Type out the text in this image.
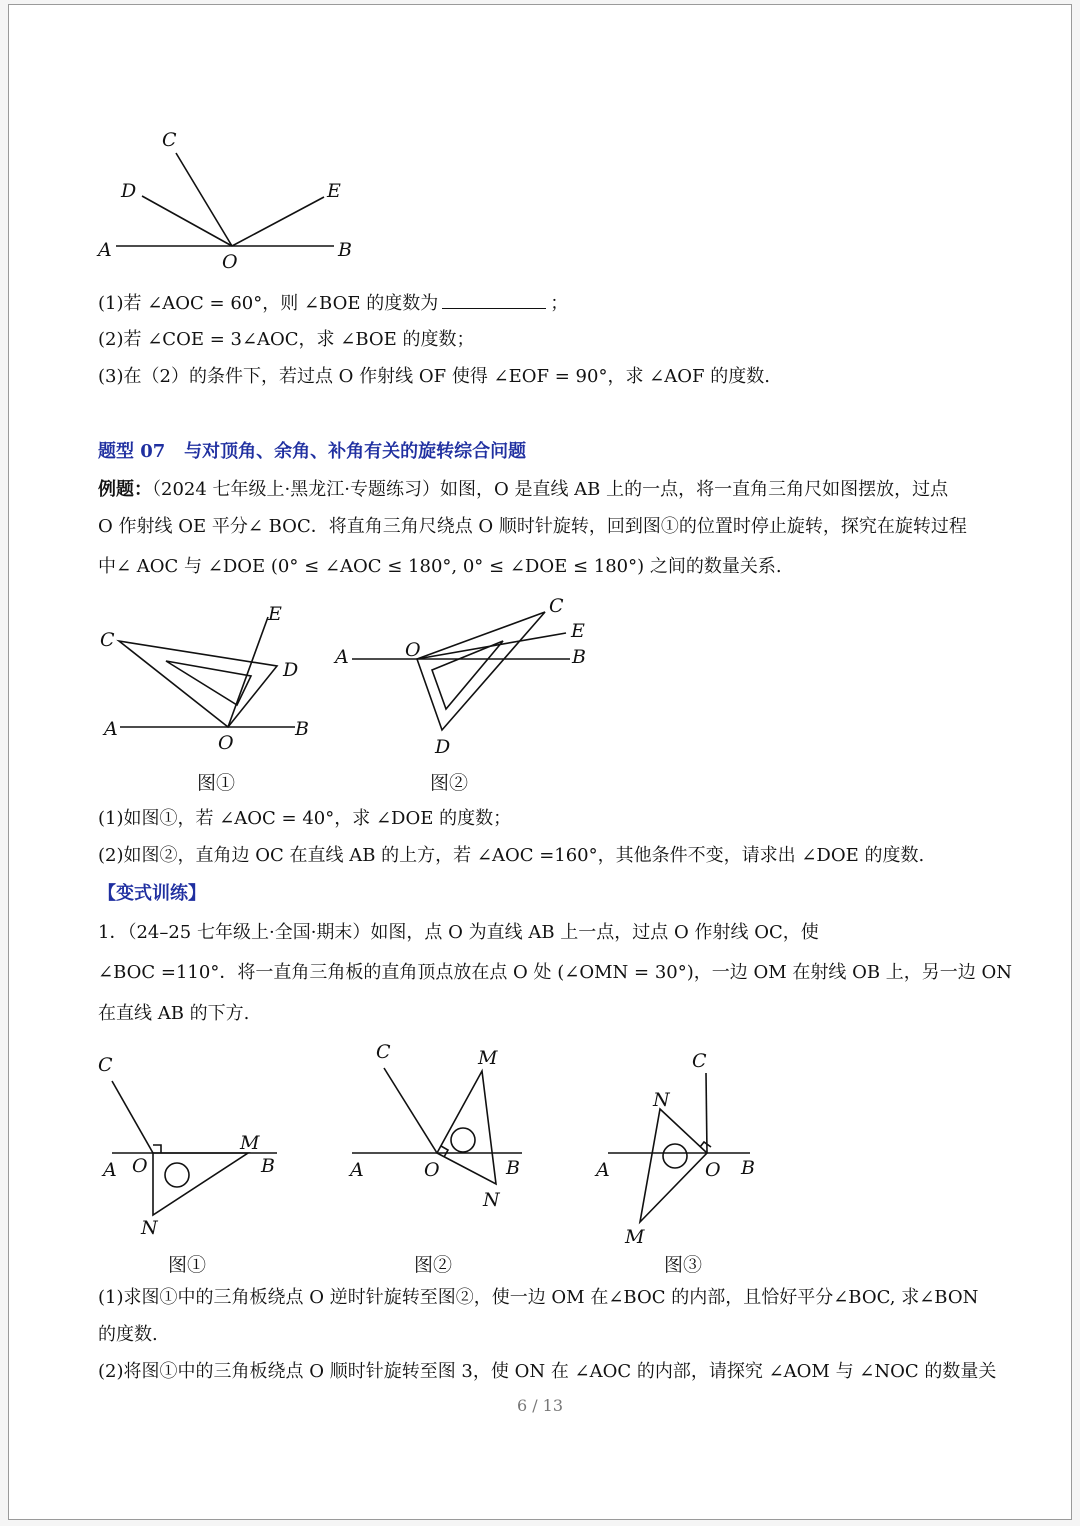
C
D	E
A
O
B
(1)若 ∠AOC = 60°，则 ∠BOE 的度数为	；
(2)若 ∠COE = 3∠AOC，求 ∠BOE 的度数；
(3)在（2）的条件下，若过点 O 作射线 OF 使得 ∠EOF = 90°，求 ∠AOF 的度数.
题型 07 与对顶角、余角、补角有关的旋转综合问题
例题：（2024 七年级上·黑龙江·专题练习）如图，O 是直线 AB 上的一点，将一直角三角尺如图摆放，过点
O 作射线 OE 平分∠ BOC．将直角三角尺绕点 O 顺时针旋转，回到图①的位置时停止旋转，探究在旋转过程
中∠ AOC 与 ∠DOE (0° ≤ ∠AOC ≤ 180°, 0° ≤ ∠DOE ≤ 180°) 之间的数量关系.
C
E
D
A
O
B
图①
C
E
A	O	B
D
图②
(1)如图①，若 ∠AOC = 40°，求 ∠DOE 的度数；
(2)如图②，直角边 OC 在直线 AB 的上方，若 ∠AOC =160°，其他条件不变，请求出 ∠DOE 的度数.
【变式训练】
1．（24–25 七年级上·全国·期末）如图，点 O 为直线 AB 上一点，过点 O 作射线 OC，使
∠BOC =110°．将一直角三角板的直角顶点放在点 O 处 (∠OMN = 30°)，一边 OM 在射线 OB 上，另一边 ON
在直线 AB 的下方.
C
M
A O	B
N
图①
C	M
A	O	B
N
图②
C
N
A	O B
M
图③
(1)求图①中的三角板绕点 O 逆时针旋转至图②，使一边 OM 在∠BOC 的内部，且恰好平分∠BOC, 求∠BON
的度数.
(2)将图①中的三角板绕点 O 顺时针旋转至图 3，使 ON 在 ∠AOC 的内部，请探究 ∠AOM 与 ∠NOC 的数量关
6 / 13
